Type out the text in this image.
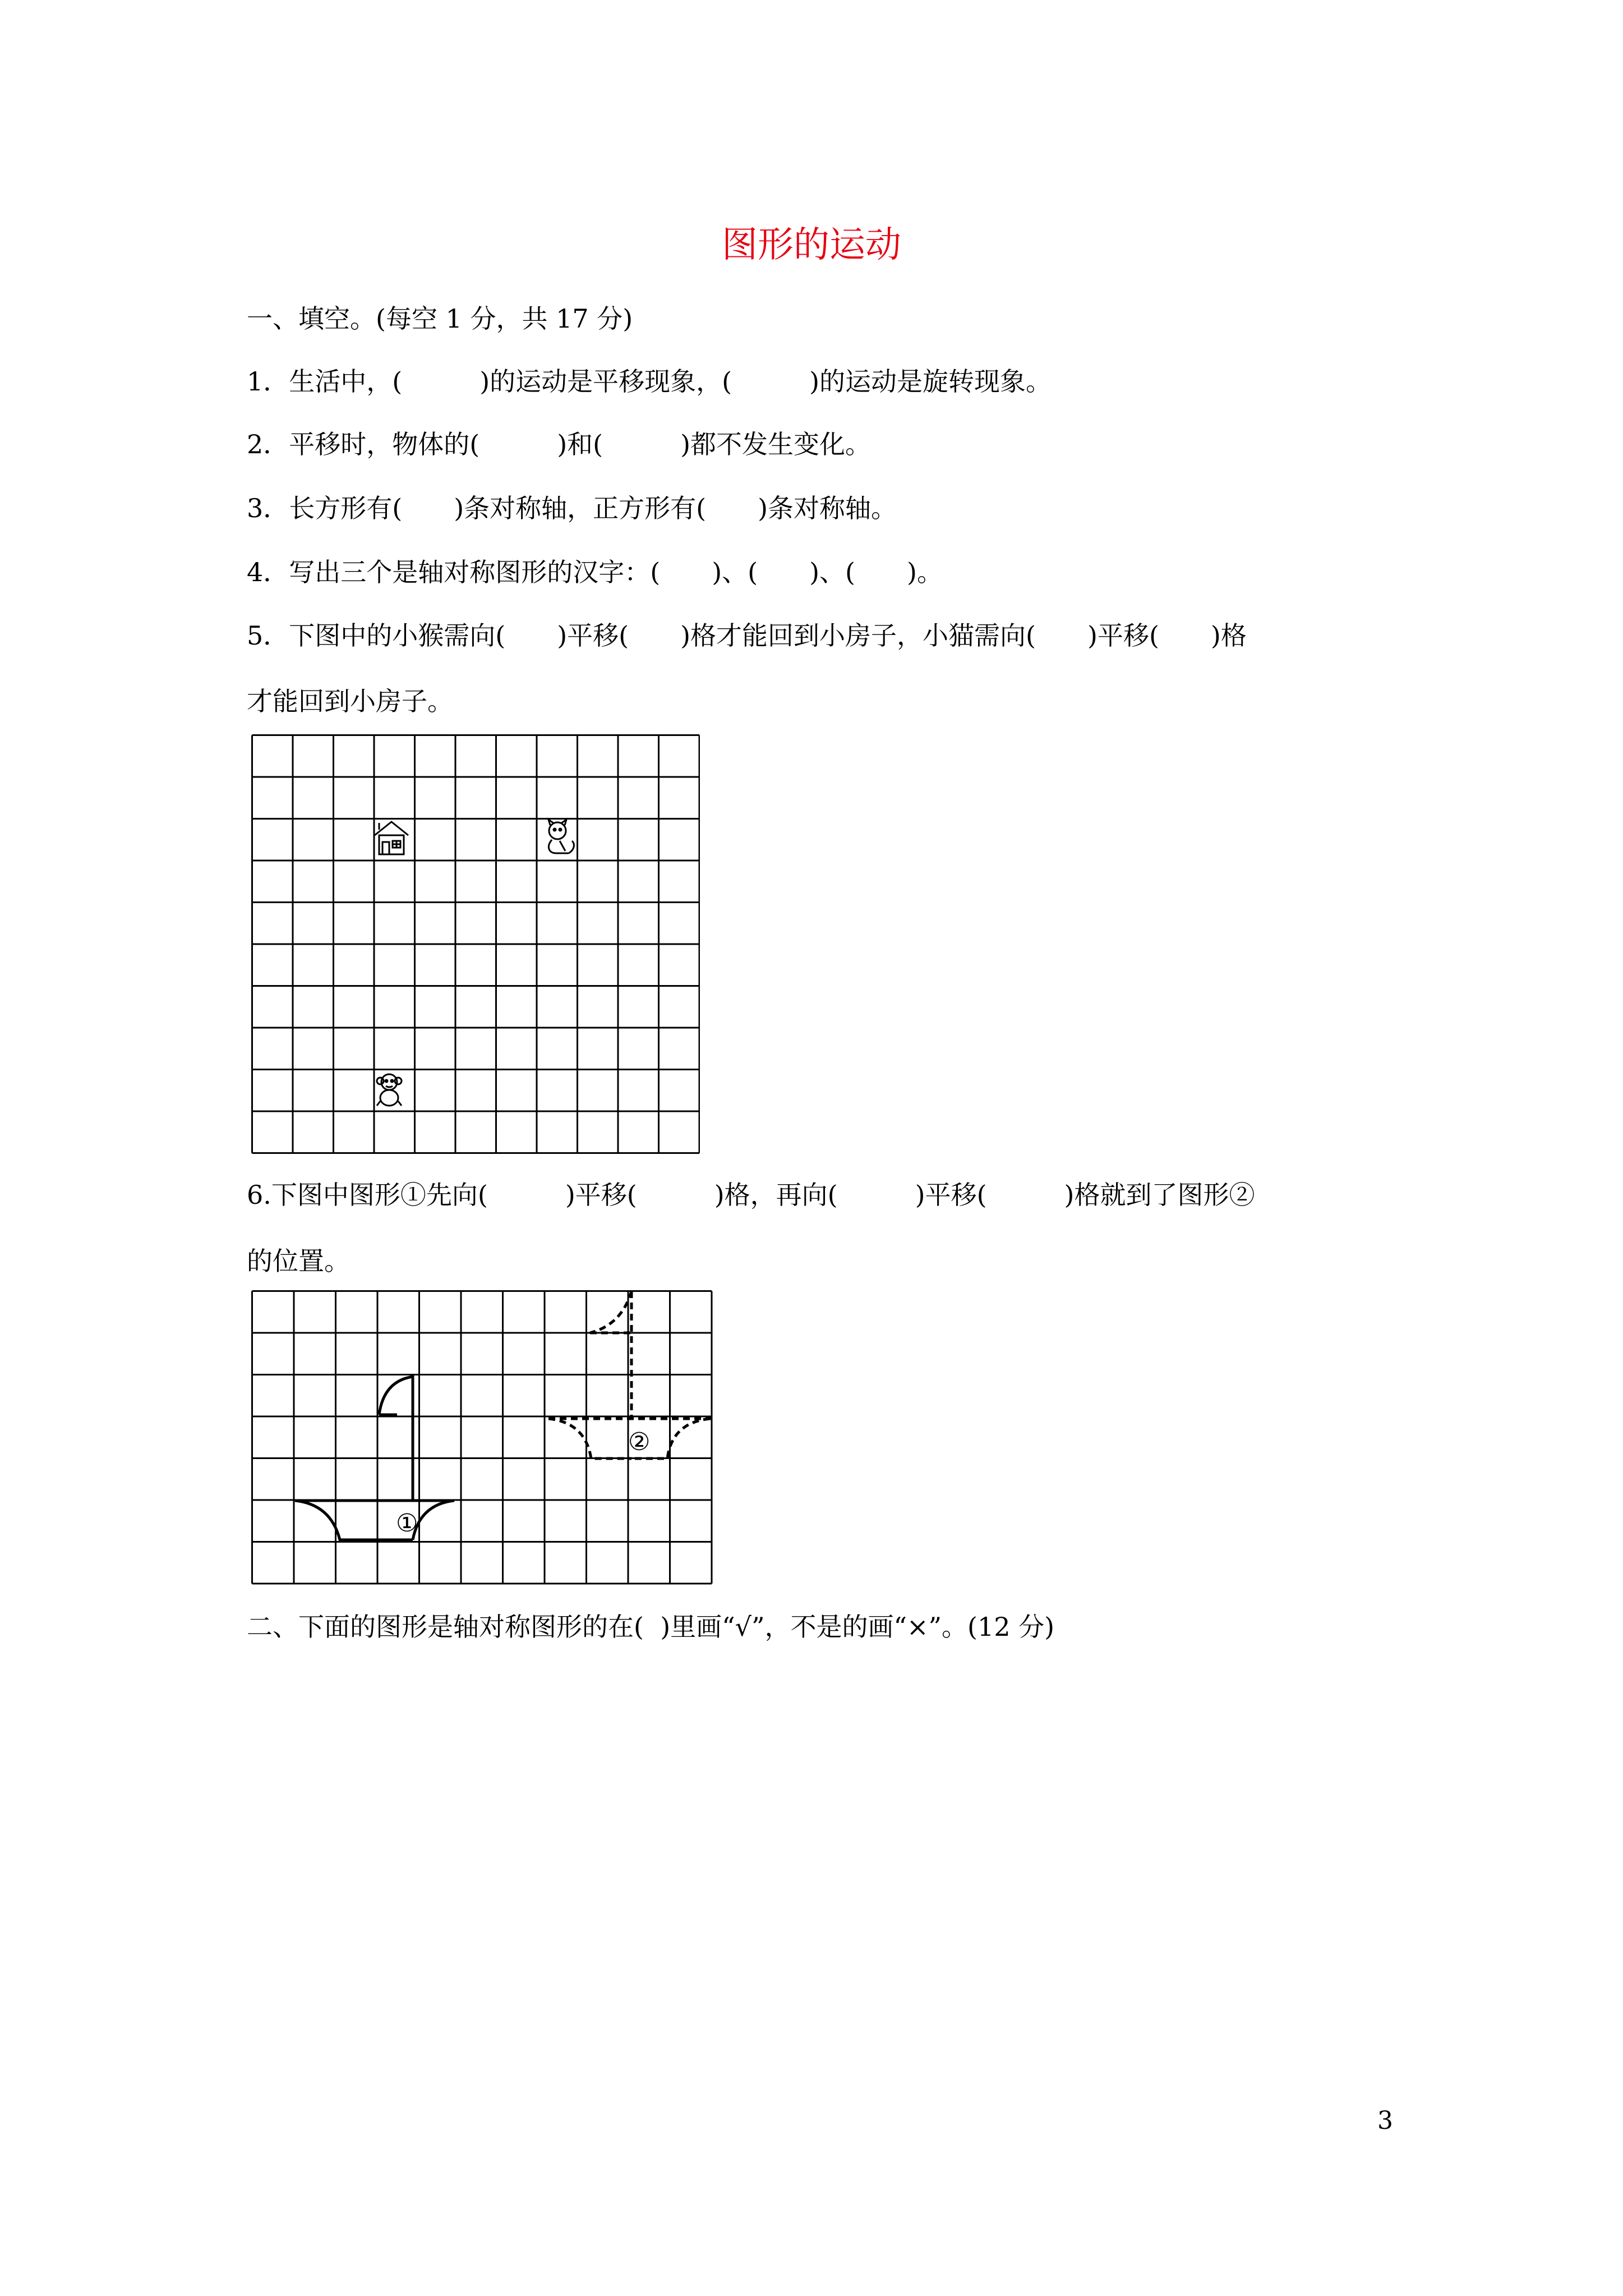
图形的运动
一、填空。(每空 1 分，共 17 分)
1．生活中，(　　　)的运动是平移现象，(　　　)的运动是旋转现象。
2．平移时，物体的(　　　)和(　　　)都不发生变化。
3．长方形有(　　)条对称轴，正方形有(　　)条对称轴。
4．写出三个是轴对称图形的汉字：(　　)、(　　)、(　　)。
5．下图中的小猴需向(　　)平移(　　)格才能回到小房子，小猫需向(　　)平移(　　)格
才能回到小房子。
6.下图中图形①先向(　　　)平移(　　　)格，再向(　　　)平移(　　　)格就到了图形②
的位置。
①
②
二、下面的图形是轴对称图形的在(  )里画“√”，不是的画“×”。(12 分)
3
